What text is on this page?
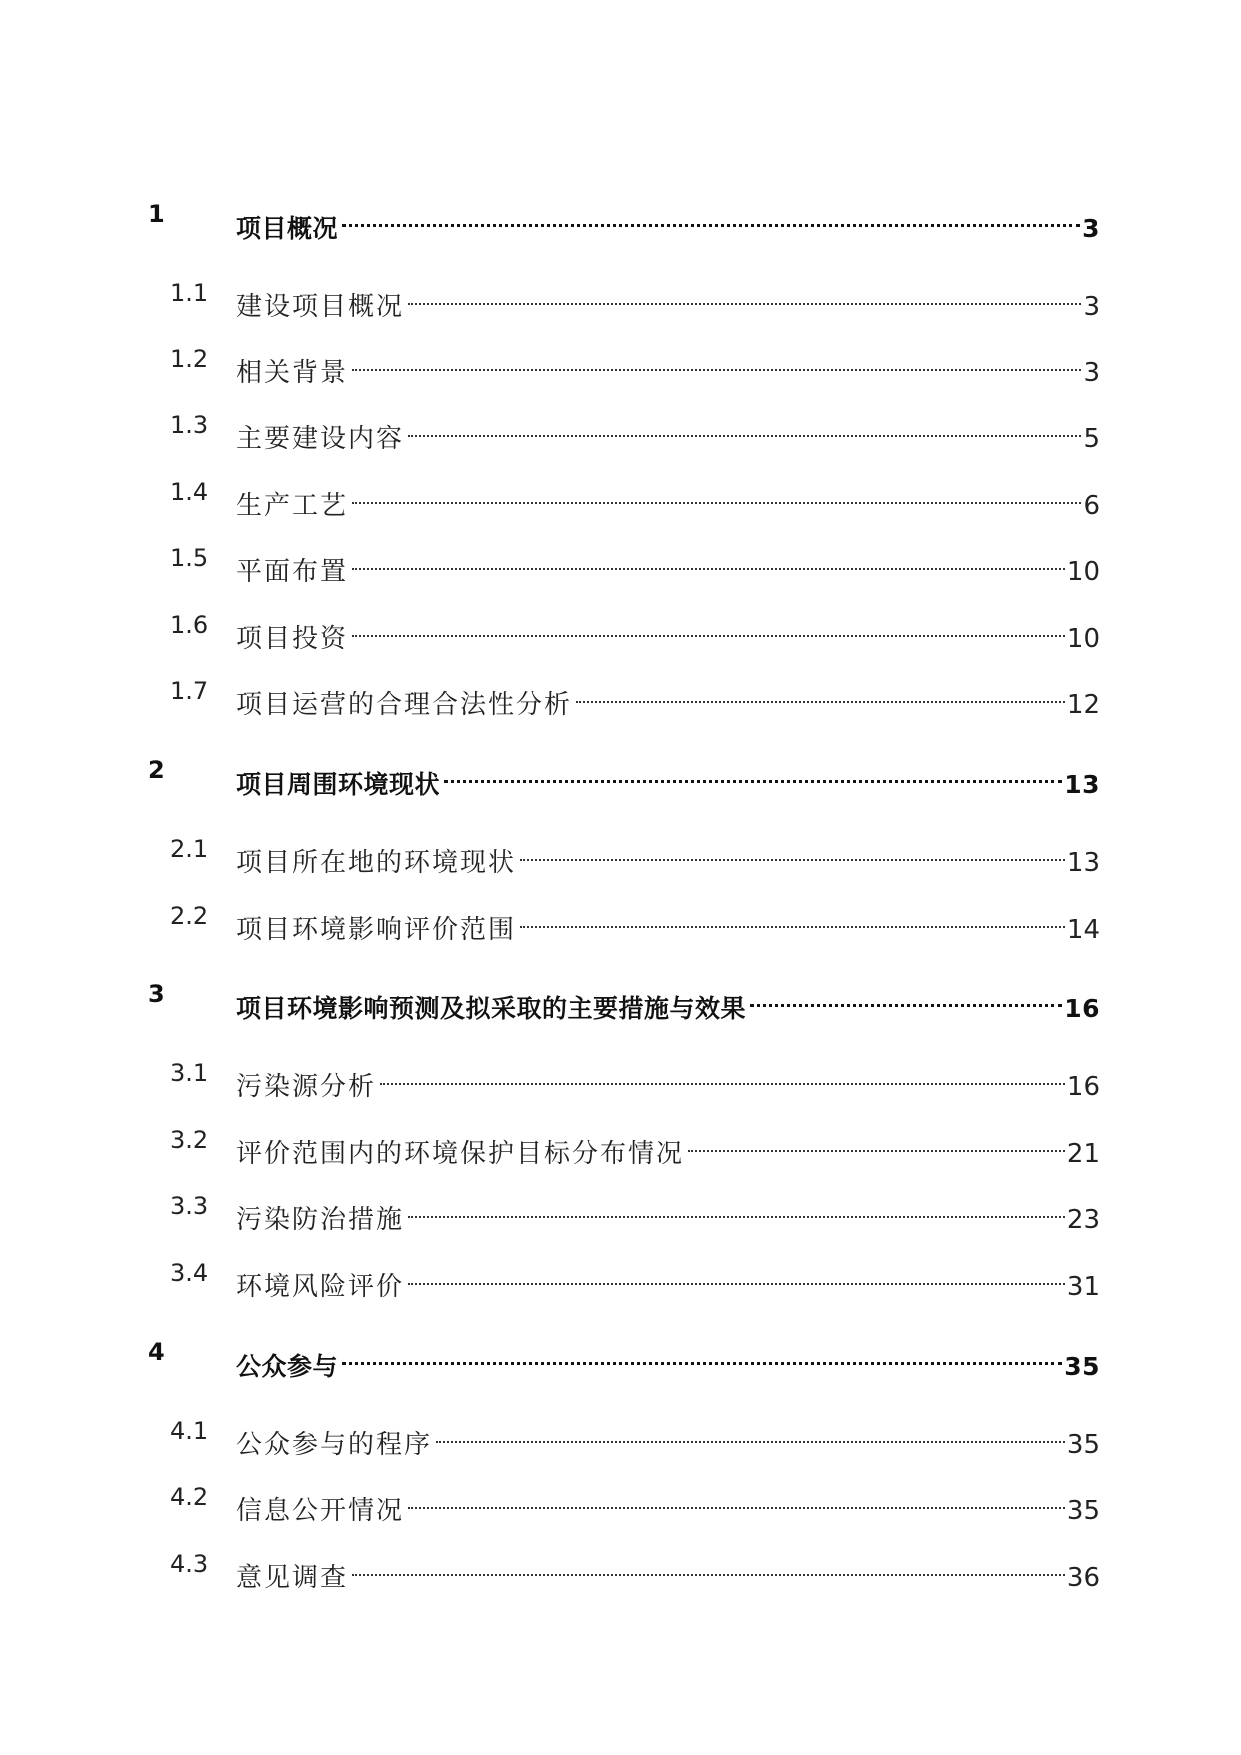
1	项目概况	3
1.1 建设项目概况	3
1.2 相关背景	3
1.3 主要建设内容	5
1.4 生产工艺	6
1.5 平面布置	10
1.6 项目投资	10
1.7 项目运营的合理合法性分析	12
2	项目周围环境现状	13
2.1 项目所在地的环境现状	13
2.2 项目环境影响评价范围	14
3	项目环境影响预测及拟采取的主要措施与效果	16
3.1 污染源分析	16
3.2 评价范围内的环境保护目标分布情况	21
3.3 污染防治措施	23
3.4 环境风险评价	31
4	公众参与	35
4.1 公众参与的程序	35
4.2 信息公开情况	35
4.3 意见调查	36
